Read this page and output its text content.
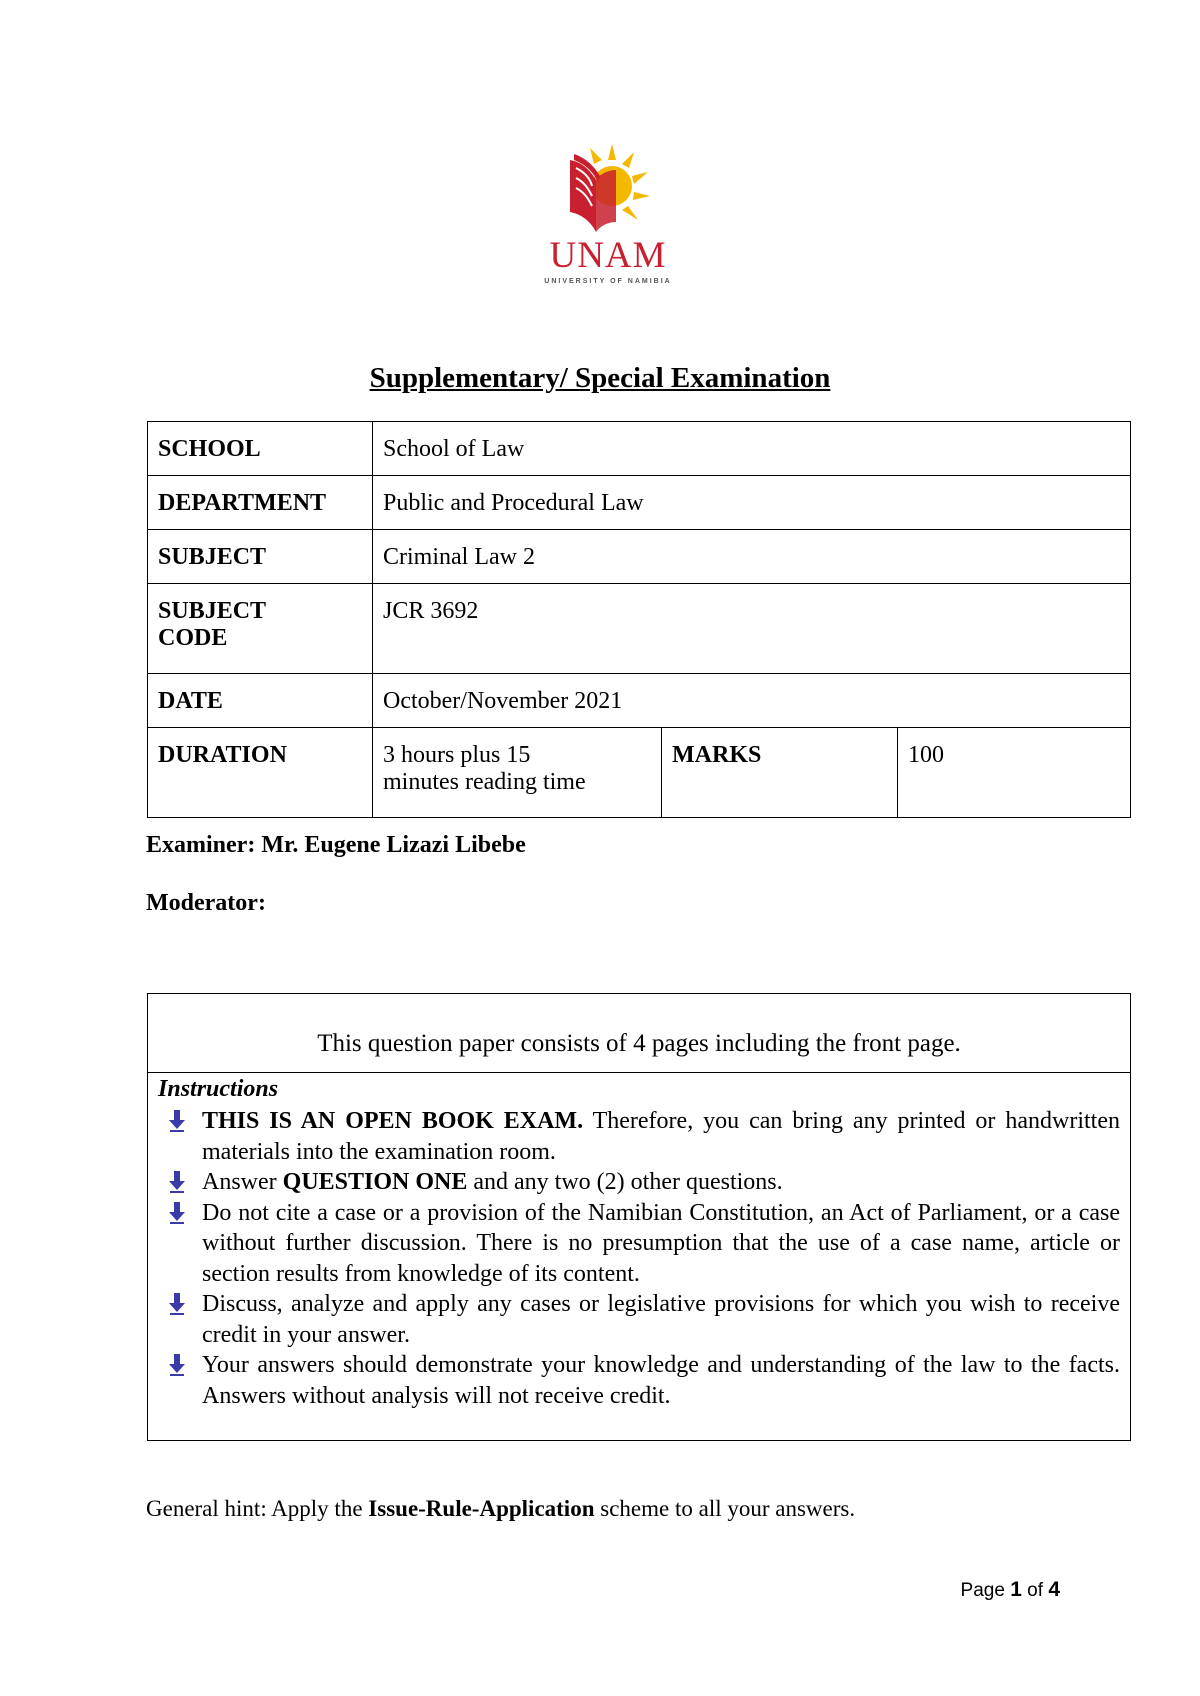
UNAM
UNIVERSITY OF NAMIBIA
Supplementary/ Special Examination
SCHOOL	School of Law		
DEPARTMENT	Public and Procedural Law		
SUBJECT	Criminal Law 2		
SUBJECT
CODE	JCR 3692		
DATE	October/November 2021		
DURATION	3 hours plus 15
minutes reading time	MARKS	100
Examiner: Mr. Eugene Lizazi Libebe
Moderator:
This question paper consists of 4 pages including the front page.
Instructions
THIS IS AN OPEN BOOK EXAM. Therefore, you can bring any printed or handwritten materials into the examination room.
Answer QUESTION ONE and any two (2) other questions.
Do not cite a case or a provision of the Namibian Constitution, an Act of Parliament, or a case without further discussion. There is no presumption that the use of a case name, article or section results from knowledge of its content.
Discuss, analyze and apply any cases or legislative provisions for which you wish to receive credit in your answer.
Your answers should demonstrate your knowledge and understanding of the law to the facts. Answers without analysis will not receive credit.
General hint: Apply the Issue-Rule-Application scheme to all your answers.
Page 1 of 4
